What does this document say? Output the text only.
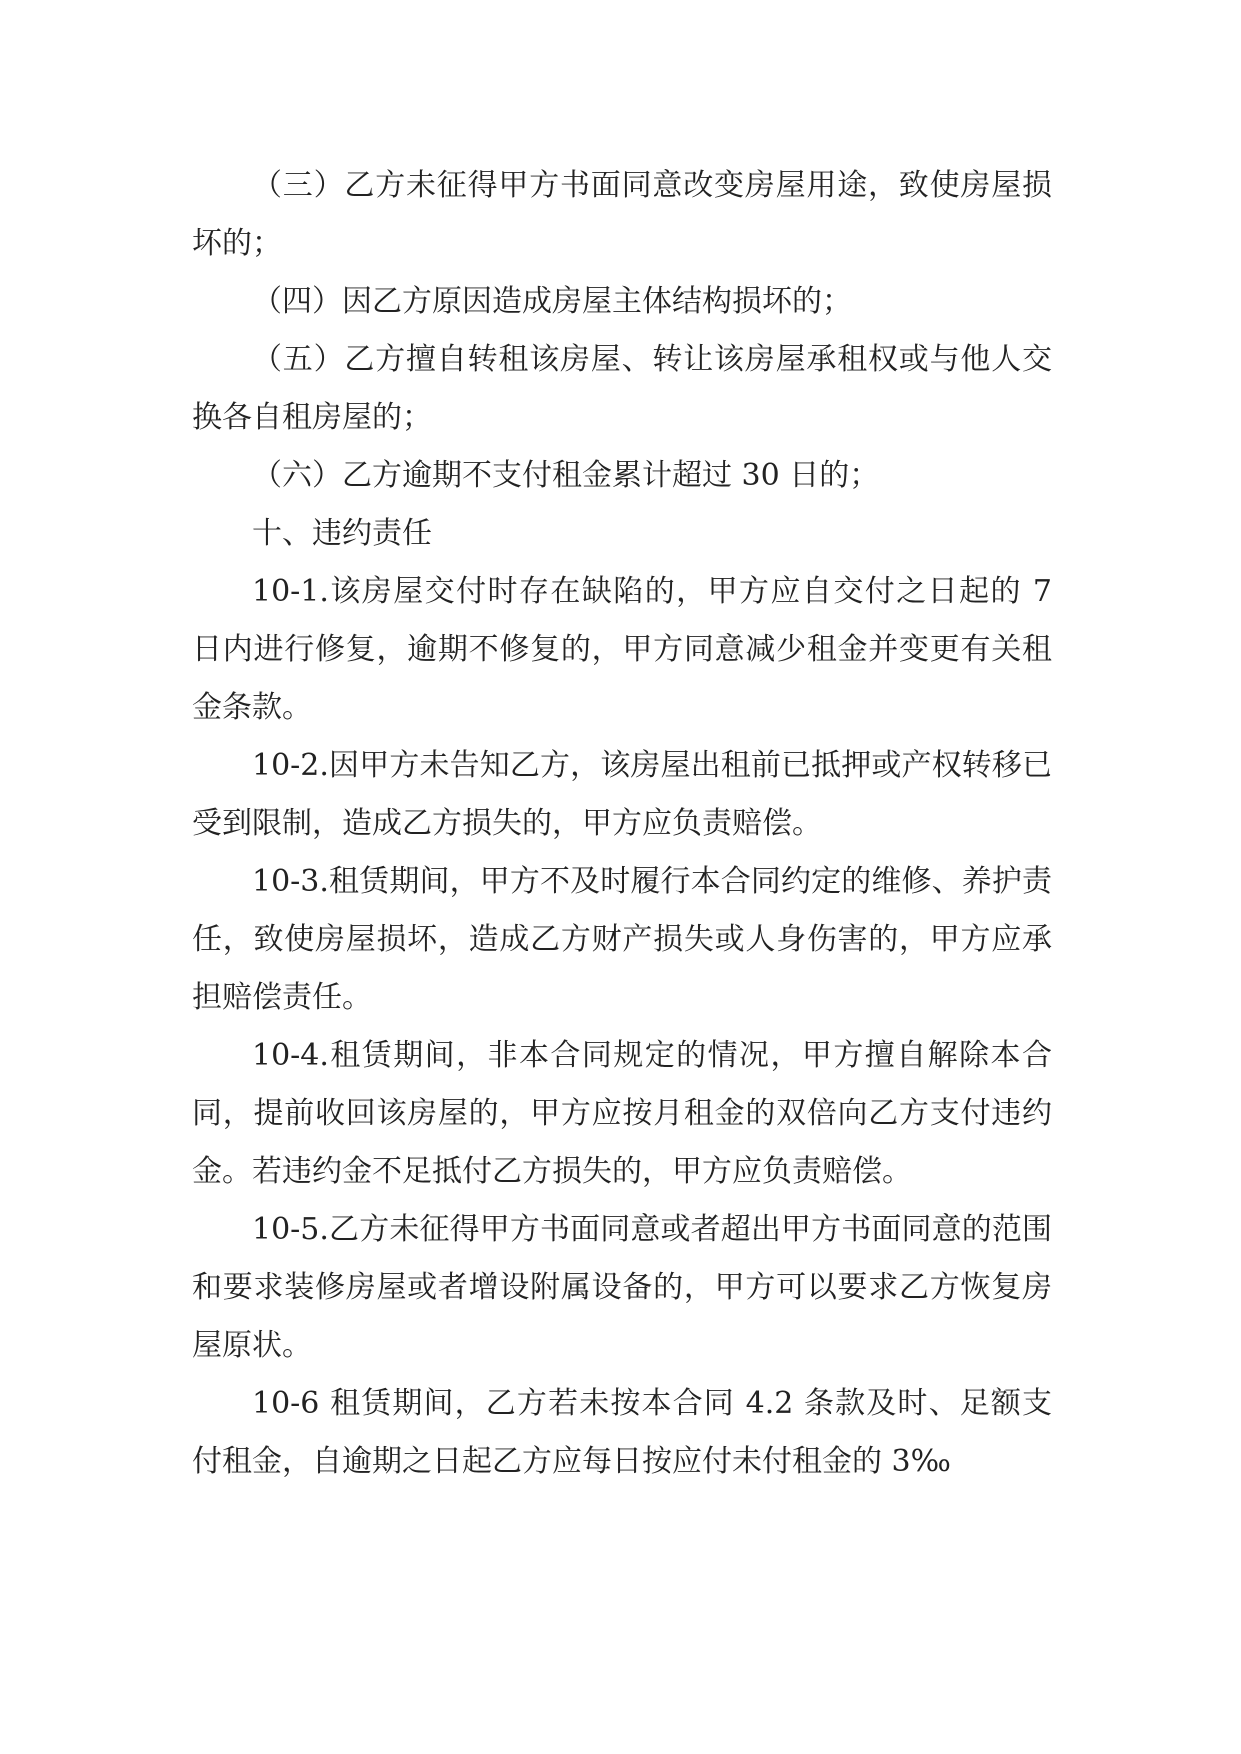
（三）乙方未征得甲方书面同意改变房屋用途，致使房屋损坏的；

（四）因乙方原因造成房屋主体结构损坏的；

（五）乙方擅自转租该房屋、转让该房屋承租权或与他人交换各自租房屋的；

（六）乙方逾期不支付租金累计超过 30 日的；

十、违约责任

10-1.该房屋交付时存在缺陷的，甲方应自交付之日起的 7 日内进行修复，逾期不修复的，甲方同意减少租金并变更有关租金条款。

10-2.因甲方未告知乙方，该房屋出租前已抵押或产权转移已受到限制，造成乙方损失的，甲方应负责赔偿。

10-3.租赁期间，甲方不及时履行本合同约定的维修、养护责任，致使房屋损坏，造成乙方财产损失或人身伤害的，甲方应承担赔偿责任。

10-4.租赁期间，非本合同规定的情况，甲方擅自解除本合同，提前收回该房屋的，甲方应按月租金的双倍向乙方支付违约金。若违约金不足抵付乙方损失的，甲方应负责赔偿。

10-5.乙方未征得甲方书面同意或者超出甲方书面同意的范围和要求装修房屋或者增设附属设备的，甲方可以要求乙方恢复房屋原状。

10-6 租赁期间，乙方若未按本合同 4.2 条款及时、足额支付租金，自逾期之日起乙方应每日按应付未付租金的 3‰
